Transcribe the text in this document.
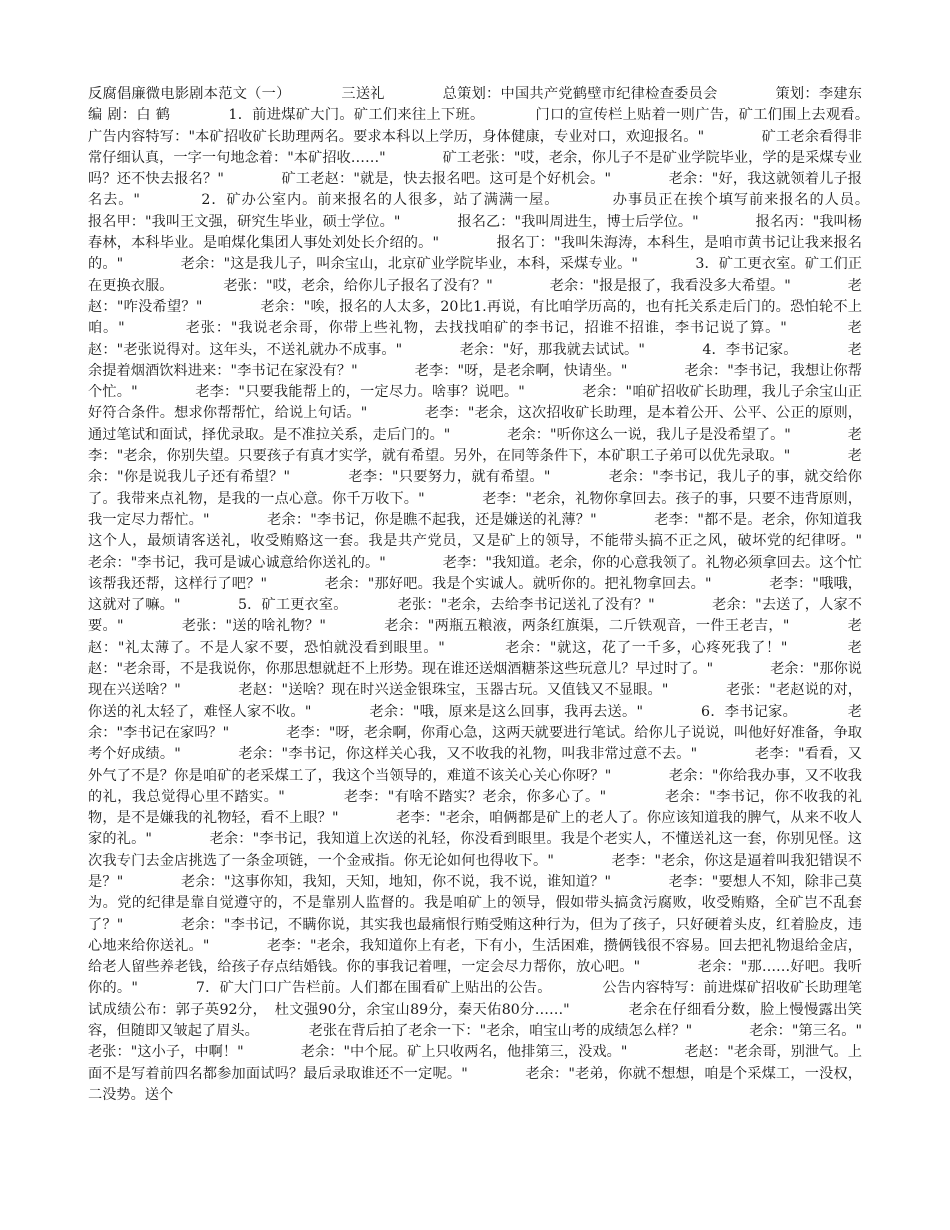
反腐倡廉微电影剧本范文（一）　　　　三送礼　　　　总策划：中国共产党鹤壁市纪律检查委员会　　　　策划：李建东 编 剧：白 鹤　　　　1．前进煤矿大门。矿工们来往上下班。　　　　门口的宣传栏上贴着一则广告，矿工们围上去观看。　　　　广告内容特写："本矿招收矿长助理两名。要求本科以上学历，身体健康，专业对口，欢迎报名。"　　　　矿工老余看得非常仔细认真，一字一句地念着："本矿招收……"　　　　矿工老张："哎，老余，你儿子不是矿业学院毕业，学的是采煤专业吗？还不快去报名？"　　　　矿工老赵："就是，快去报名吧。这可是个好机会。"　　　　老余："好，我这就领着儿子报名去。"　　　　2．矿办公室内。前来报名的人很多，站了满满一屋。　　　　办事员正在挨个填写前来报名的人员。　　　　报名甲："我叫王文强，研究生毕业，硕士学位。"　　　　报名乙："我叫周进生，博士后学位。"　　　　报名丙："我叫杨春林，本科毕业。是咱煤化集团人事处刘处长介绍的。"　　　　报名丁："我叫朱海涛，本科生，是咱市黄书记让我来报名的。"　　　　老余："这是我儿子，叫余宝山，北京矿业学院毕业，本科，采煤专业。"　　　　3．矿工更衣室。矿工们正在更换衣服。　　　　老张："哎，老余，给你儿子报名了没有？"　　　　老余："报是报了，我看没多大希望。"　　　　老赵："咋没希望？"　　　　老余："唉，报名的人太多，20比1.再说，有比咱学历高的，也有托关系走后门的。恐怕轮不上咱。"　　　　老张："我说老余哥，你带上些礼物，去找找咱矿的李书记，招谁不招谁，李书记说了算。"　　　　老赵："老张说得对。这年头，不送礼就办不成事。"　　　　老余："好，那我就去试试。"　　　　4．李书记家。　　　　老余提着烟酒饮料进来："李书记在家没有？"　　　　老李："呀，是老余啊，快请坐。"　　　　老余："李书记，我想让你帮个忙。"　　　　老李："只要我能帮上的，一定尽力。啥事？说吧。"　　　　老余："咱矿招收矿长助理，我儿子余宝山正好符合条件。想求你帮帮忙，给说上句话。"　　　　老李："老余，这次招收矿长助理，是本着公开、公平、公正的原则，通过笔试和面试，择优录取。是不准拉关系，走后门的。"　　　　老余："听你这么一说，我儿子是没希望了。"　　　　老李："老余，你别失望。只要孩子有真才实学，就有希望。另外，在同等条件下，本矿职工子弟可以优先录取。"　　　　老余："你是说我儿子还有希望？"　　　　老李："只要努力，就有希望。"　　　　老余："李书记，我儿子的事，就交给你了。我带来点礼物，是我的一点心意。你千万收下。"　　　　老李："老余，礼物你拿回去。孩子的事，只要不违背原则，我一定尽力帮忙。"　　　　老余："李书记，你是瞧不起我，还是嫌送的礼薄？"　　　　老李："都不是。老余，你知道我这个人，最烦请客送礼，收受贿赂这一套。我是共产党员，又是矿上的领导，不能带头搞不正之风，破坏党的纪律呀。"　　　　老余："李书记，我可是诚心诚意给你送礼的。"　　　　老李："我知道。老余，你的心意我领了。礼物必须拿回去。这个忙该帮我还帮，这样行了吧？"　　　　老余："那好吧。我是个实诚人。就听你的。把礼物拿回去。"　　　　老李："哦哦，这就对了嘛。"　　　　5．矿工更衣室。　　　　老张："老余，去给李书记送礼了没有？"　　　　老余："去送了，人家不要。"　　　　老张："送的啥礼物？"　　　　老余："两瓶五粮液，两条红旗渠，二斤铁观音，一件王老吉，"　　　　老赵："礼太薄了。不是人家不要，恐怕就没看到眼里。"　　　　老余："就这，花了一千多，心疼死我了！"　　　　老赵："老余哥，不是我说你，你那思想就赶不上形势。现在谁还送烟酒糖茶这些玩意儿？早过时了。"　　　　老余："那你说现在兴送啥？"　　　　老赵："送啥？现在时兴送金银珠宝，玉器古玩。又值钱又不显眼。"　　　　老张："老赵说的对，你送的礼太轻了，难怪人家不收。"　　　　老余："哦，原来是这么回事，我再去送。"　　　　6．李书记家。　　　　老余："李书记在家吗？"　　　　老李："呀，老余啊，你甭心急，这两天就要进行笔试。给你儿子说说，叫他好好准备，争取考个好成绩。"　　　　老余："李书记，你这样关心我，又不收我的礼物，叫我非常过意不去。"　　　　老李："看看，又外气了不是？你是咱矿的老采煤工了，我这个当领导的，难道不该关心关心你呀？"　　　　老余："你给我办事，又不收我的礼，我总觉得心里不踏实。"　　　　老李："有啥不踏实？老余，你多心了。"　　　　老余："李书记，你不收我的礼物，是不是嫌我的礼物轻，看不上眼？"　　　　老李："老余，咱俩都是矿上的老人了。你应该知道我的脾气，从来不收人家的礼。"　　　　老余："李书记，我知道上次送的礼轻，你没看到眼里。我是个老实人，不懂送礼这一套，你别见怪。这次我专门去金店挑选了一条金项链，一个金戒指。你无论如何也得收下。"　　　　老李："老余，你这是逼着叫我犯错误不是？"　　　　老余："这事你知，我知，天知，地知，你不说，我不说，谁知道？"　　　　老李："要想人不知，除非己莫为。党的纪律是靠自觉遵守的，不是靠别人监督的。我是咱矿上的领导，假如带头搞贪污腐败，收受贿赂，全矿岂不乱套了？"　　　　老余："李书记，不瞒你说，其实我也最痛恨行贿受贿这种行为，但为了孩子，只好硬着头皮，红着脸皮，违心地来给你送礼。"　　　　老李："老余，我知道你上有老，下有小，生活困难，攒俩钱很不容易。回去把礼物退给金店，给老人留些养老钱，给孩子存点结婚钱。你的事我记着哩，一定会尽力帮你，放心吧。"　　　　老余："那……好吧。我听你的。"　　　　7．矿大门口广告栏前。人们都在围看矿上贴出的公告。　　　　公告内容特写：前进煤矿招收矿长助理笔试成绩公布：郭子英92分，　杜文强90分，余宝山89分，秦天佑80分……"　　　　老余在仔细看分数，脸上慢慢露出笑容，但随即又皱起了眉头。　　　　老张在背后拍了老余一下："老余，咱宝山考的成绩怎么样？"　　　　老余："第三名。"　　　　老张："这小子，中啊！"　　　　老余："中个屁。矿上只收两名，他排第三，没戏。"　　　　老赵："老余哥，别泄气。上面不是写着前四名都参加面试吗？最后录取谁还不一定呢。"　　　　老余："老弟，你就不想想，咱是个采煤工，一没权，二没势。送个
